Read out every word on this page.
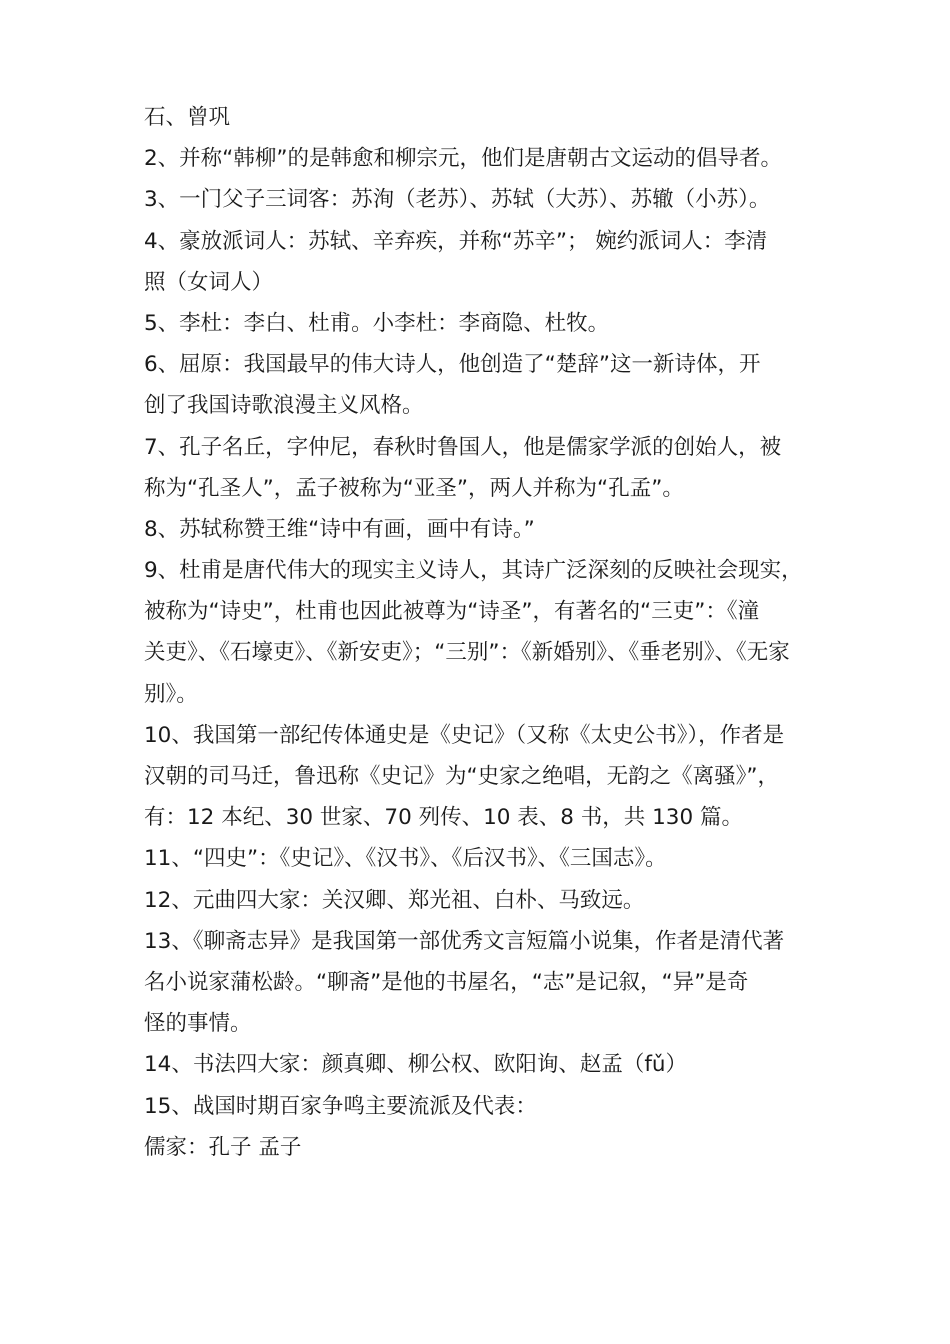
石、曾巩
2、并称“韩柳”的是韩愈和柳宗元，他们是唐朝古文运动的倡导者。
3、一门父子三词客：苏洵（老苏）、苏轼（大苏）、苏辙（小苏）。
4、豪放派词人：苏轼、辛弃疾，并称“苏辛”； 婉约派词人：李清
照（女词人）
5、李杜：李白、杜甫。小李杜：李商隐、杜牧。
6、屈原：我国最早的伟大诗人，他创造了“楚辞”这一新诗体，开
创了我国诗歌浪漫主义风格。
7、孔子名丘，字仲尼，春秋时鲁国人，他是儒家学派的创始人，被
称为“孔圣人”，孟子被称为“亚圣”，两人并称为“孔孟”。
8、苏轼称赞王维“诗中有画，画中有诗。”
9、杜甫是唐代伟大的现实主义诗人，其诗广泛深刻的反映社会现实，
被称为“诗史”，杜甫也因此被尊为“诗圣”，有著名的“三吏”：《潼
关吏》、《石壕吏》、《新安吏》；“三别”：《新婚别》、《垂老别》、《无家
别》。
10、我国第一部纪传体通史是《史记》（又称《太史公书》），作者是
汉朝的司马迁，鲁迅称《史记》为“史家之绝唱，无韵之《离骚》”，
有：12 本纪、30 世家、70 列传、10 表、8 书，共 130 篇。
11、“四史”：《史记》、《汉书》、《后汉书》、《三国志》。
12、元曲四大家：关汉卿、郑光祖、白朴、马致远。
13、《聊斋志异》是我国第一部优秀文言短篇小说集，作者是清代著
名小说家蒲松龄。“聊斋”是他的书屋名，“志”是记叙，“异”是奇
怪的事情。
14、书法四大家：颜真卿、柳公权、欧阳询、赵孟（fǔ）
15、战国时期百家争鸣主要流派及代表：
儒家：孔子 孟子
